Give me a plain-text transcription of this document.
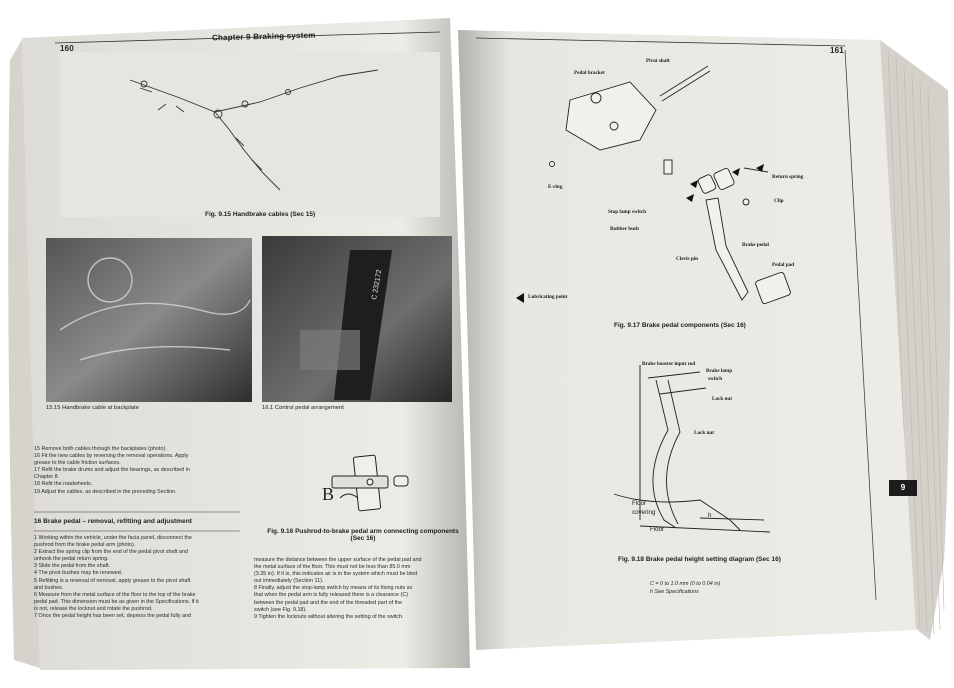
C 232172
160
Chapter 9 Braking system
Fig. 9.15 Handbrake cables (Sec 15)
15.15 Handbrake cable at backplate	16.1 Control pedal arrangement
15 Remove both cables through the backplates (photo).
16 Fit the new cables by reversing the removal operations. Apply
grease to the cable friction surfaces.
17 Refit the brake drums and adjust the bearings, as described in
Chapter 8.
18 Refit the roadwheels.
19 Adjust the cables, as described in the preceding Section.
16 Brake pedal – removal, refitting and adjustment
1 Working within the vehicle, under the facia panel, disconnect the
pushrod from the brake pedal arm (photo).
2 Extract the spring clip from the end of the pedal pivot shaft and
unhook the pedal return spring.
3 Slide the pedal from the shaft.
4 The pivot bushes may be renewed.
5 Refitting is a reversal of removal, apply grease to the pivot shaft
and bushes.
6 Measure from the metal surface of the floor to the top of the brake
pedal pad. This dimension must be as given in the Specifications. If it
is not, release the locknut and rotate the pushrod.
7 Once the pedal height has been set, depress the pedal fully and
Fig. 9.16 Pushrod-to-brake pedal arm connecting components
(Sec 16)
B
measure the distance between the upper surface of the pedal pad and
the metal surface of the floor. This must not be less than 85.0 mm
(3.35 in). If it is, this indicates air is in the system which must be bled
out immediately (Section 11).
8 Finally, adjust the stop-lamp switch by means of its fixing nuts so
that when the pedal arm is fully released there is a clearance (C)
between the pedal pad and the end of the threaded part of the
switch (see Fig. 9.18).
9 Tighten the locknuts without altering the setting of the switch.
161
Pivot shaft
Pedal bracket
Return spring
E-ring
Clip
Stop lamp switch
Rubber bush
Brake pedal
Clevis pin
Pedal pad
Lubricating point
Fig. 9.17 Brake pedal components (Sec 16)
Brake booster input rod
Brake lamp
switch
Lock nut
Lock nut
Floor
covering
Floor
h
Fig. 9.18 Brake pedal height setting diagram (Sec 16)
C = 0 to 1.0 mm (0 to 0.04 in)
h See Specifications
9
